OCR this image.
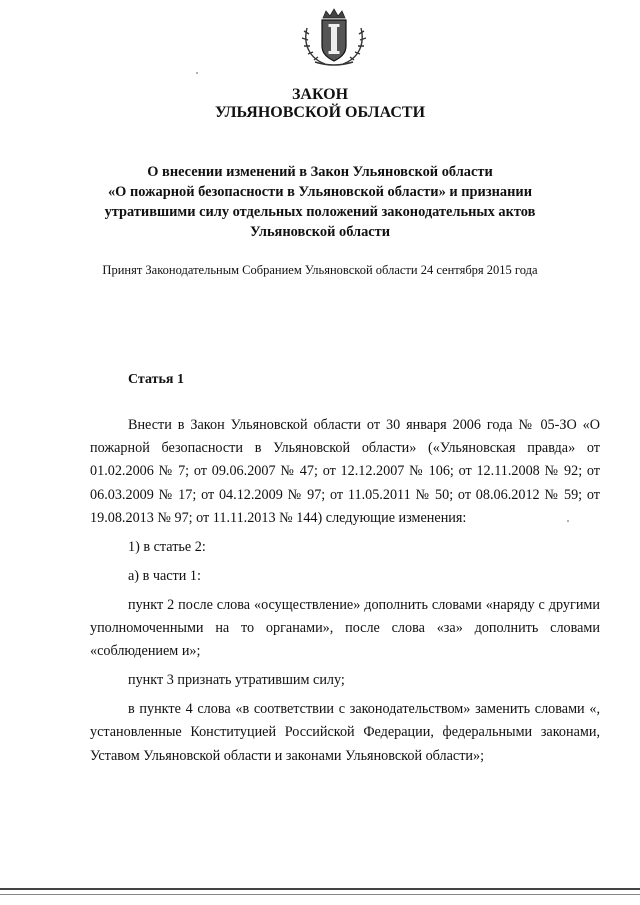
ЗАКОН
УЛЬЯНОВСКОЙ ОБЛАСТИ
О внесении изменений в Закон Ульяновской области
«О пожарной безопасности в Ульяновской области» и признании
утратившими силу отдельных положений законодательных актов
Ульяновской области
Принят Законодательным Собранием Ульяновской области 24 сентября 2015 года
Статья 1

Внести в Закон Ульяновской области от 30 января 2006 года № 05-ЗО «О пожарной безопасности в Ульяновской области» («Ульяновская правда» от 01.02.2006 № 7; от 09.06.2007 № 47; от 12.12.2007 № 106; от 12.11.2008 № 92; от 06.03.2009 № 17; от 04.12.2009 № 97; от 11.05.2011 № 50; от 08.06.2012 № 59; от 19.08.2013 № 97; от 11.11.2013 № 144) следующие изменения:

1) в статье 2:

а) в части 1:

пункт 2 после слова «осуществление» дополнить словами «наряду с другими уполномоченными на то органами», после слова «за» дополнить словами «соблюдением и»;

пункт 3 признать утратившим силу;

в пункте 4 слова «в соответствии с законодательством» заменить словами «, установленные Конституцией Российской Федерации, федеральными законами, Уставом Ульяновской области и законами Ульяновской области»;
